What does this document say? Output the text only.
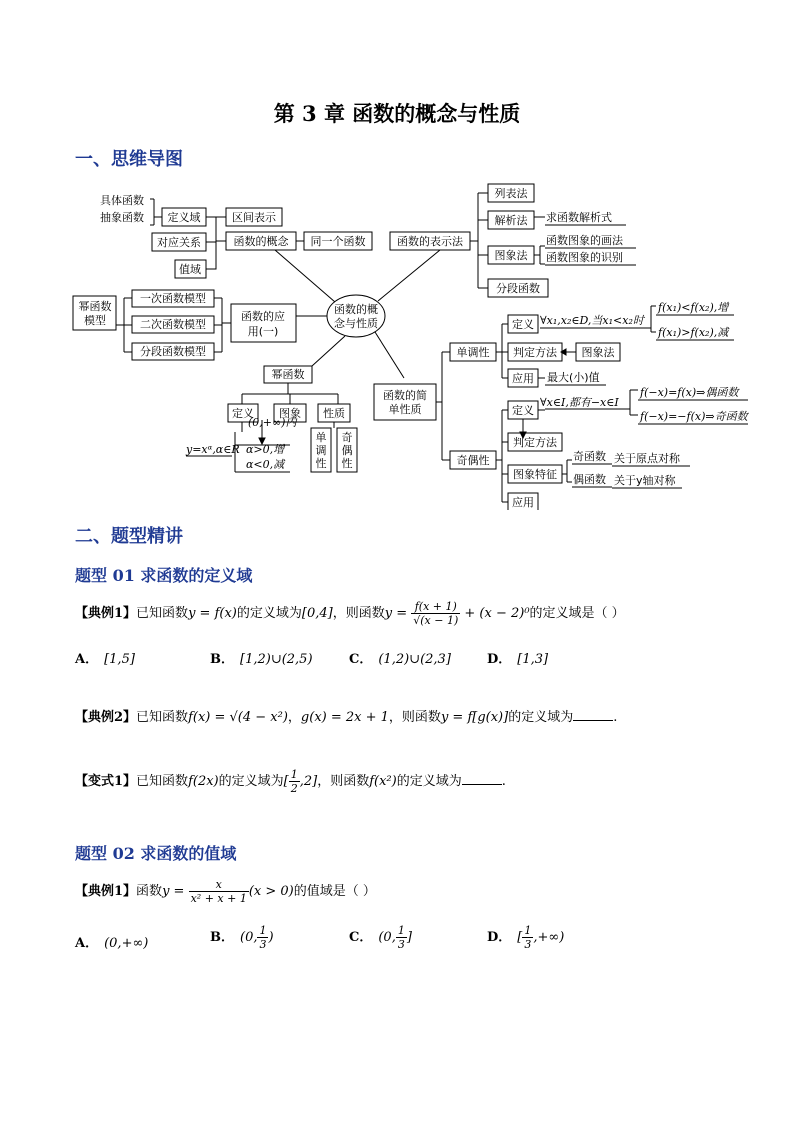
第 3 章 函数的概念与性质
一、思维导图
函数的概
念与性质
函数的概念 同一个函数
定义域	区间表示
具体函数
抽象函数
对应关系
值域
函数的表示法
列表法
解析法 求函数解析式
图象法
函数图象的画法
函数图象的识别
分段函数
函数的应
用(一)
一次函数模型
二次函数模型
分段函数模型
幂函数
模型
幂函数
定义 图象 性质
y=xᵅ,α∈R
(0,+∞)内
α>0,增
α<0,减
单
调
性
奇
偶
性
函数的简
单性质
单调性
定义 ∀x₁,x₂∈D,当x₁<x₂时
f(x₁)<f(x₂),增
f(x₁)>f(x₂),减
判定方法 图象法
应用 最大(小)值
奇偶性
定义
∀x∈I,都有−x∈I
f(−x)=f(x)⇒偶函数
f(−x)=−f(x)⇒奇函数
判定方法
图象特征
奇函数 关于原点对称
偶函数 关于y轴对称
应用
二、题型精讲
题型 01 求函数的定义域
【典例1】已知函数y = f(x)的定义域为[0,4]，则函数$y = \frac{f(x + 1)}{√(x - 1)} + (x - 2)^0$的定义域是（ ）
A． [1,5]	B． [1,2)∪(2,5)	C． (1,2)∪(2,3]	D． [1,3]
【典例2】已知函数f(x) = √(4 − x²)，g(x) = 2x + 1，则函数y = f[g(x)]的定义域为	.
【变式1】已知函数f(2x)的定义域为[ $\frac{1}{2} ,2$]，则函数f(x²)的定义域为	.
题型 02 求函数的值域
【典例1】函数$y = \frac{x}{\text{x² + x + 1}} (x > 0)$的值域是（ ）
A． (0,+∞)	B． (0, $\frac{1}{3}$ )	C． (0, $\frac{1}{3}$ ]	D． [ $\frac{1}{3}$ ,+∞)
